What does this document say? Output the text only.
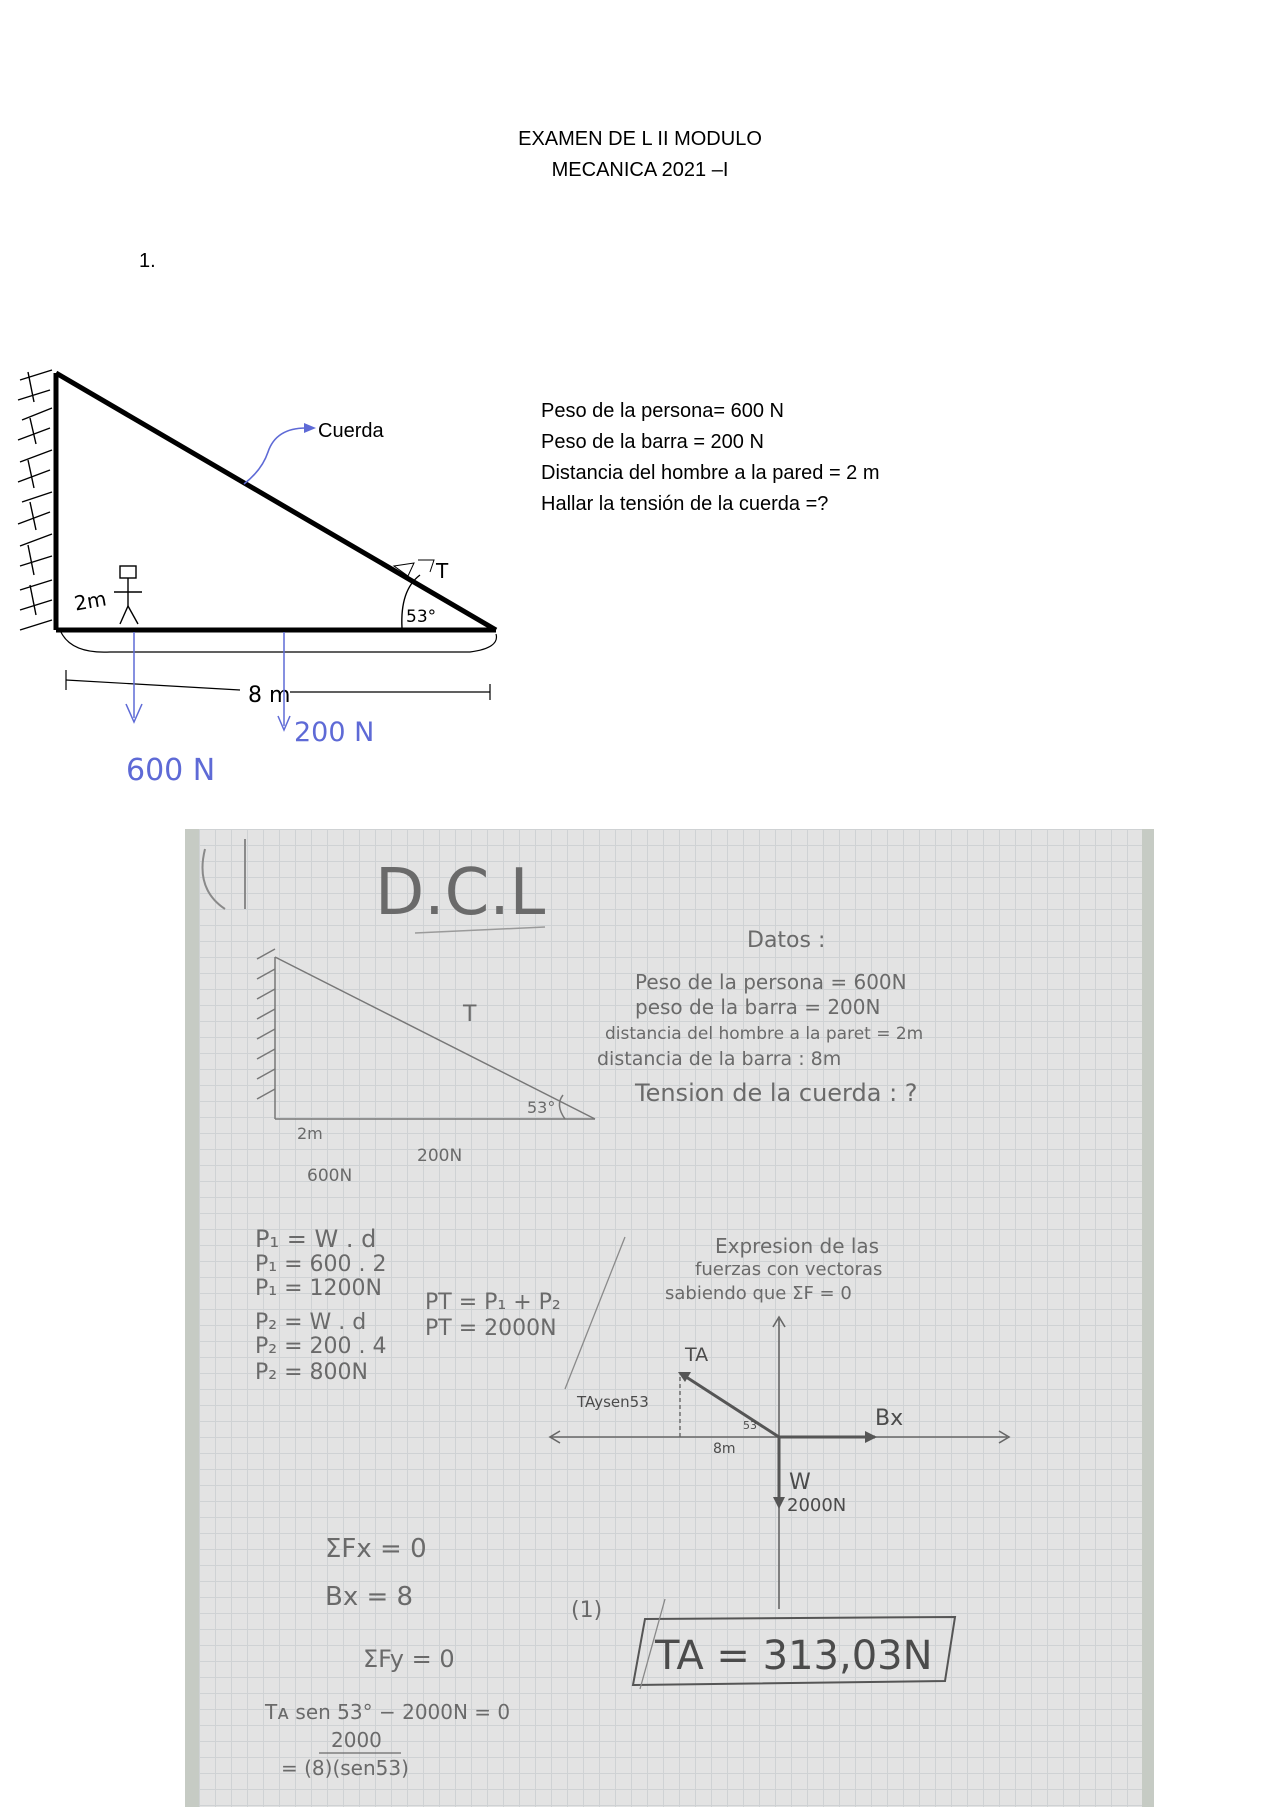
EXAMEN DE L II MODULO
MECANICA 2021 –I
1.
Cuerda
53°
T
2m
8 m
600 N
200 N
Peso de la persona= 600 N
Peso de la barra = 200 N
Distancia del hombre a la pared = 2 m
Hallar la tensión de la cuerda =?
D.C.L
Datos :
Peso de la persona = 600N
peso de la barra = 200N
distancia del hombre a la paret = 2m
distancia de la barra : 8m
Tension de la cuerda : ?
T
53°
2m
600N
200N
P₁ = W . d
P₁ = 600 . 2
P₁ = 1200N
P₂ = W . d
P₂ = 200 . 4
P₂ = 800N
PT = P₁ + P₂
PT = 2000N
Expresion de las
fuerzas con vectoras
sabiendo que ΣF = 0
TA
TAysen53
53
8m
Bx
W
2000N
ΣFx = 0
Bx = 8	(1)
ΣFy = 0
Tᴀ sen 53° − 2000N = 0
2000
= (8)(sen53)
TA = 313,03N
